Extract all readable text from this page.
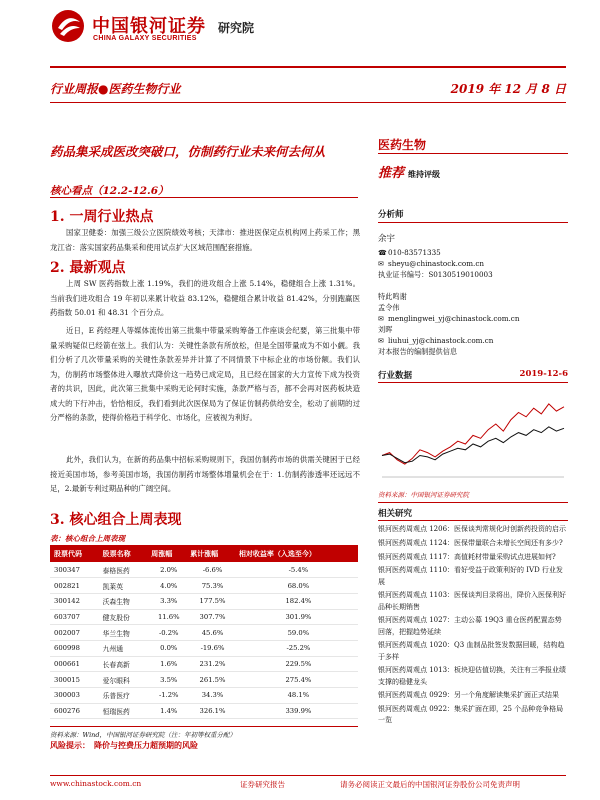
中国银河证券
CHINA GALAXY SECURITIES
研究院
行业周报●医药生物行业	2019 年 12 月 8 日
药品集采成医改突破口，仿制药行业未来何去何从
核心看点（12.2-12.6）
1. 一周行业热点
国家卫健委：加强三级公立医院绩效考核；天津市：推进医保定点机构网上药采工作；黑龙江省：落实国家药品集采和使用试点扩大区域范围配套措施。
2. 最新观点
上周 SW 医药指数上涨 1.19%，我们的进攻组合上涨 5.14%，稳健组合上涨 1.31%。当前我们进攻组合 19 年初以来累计收益 83.12%，稳健组合累计收益 81.42%，分别跑赢医药指数 50.01 和 48.31 个百分点。
近日，E 药经理人等媒体流传出第三批集中带量采购筹备工作座谈会纪要，第三批集中带量采购疑似已经箭在弦上。我们认为：关键性条款有所放松，但是全国带量成为不如小觑。我们分析了几次带量采购的关键性条款差异并计算了不同情景下中标企业的市场份额。我们认为，仿制药市场整体进入曝放式降价这一趋势已成定局，且已经在国家的大力宣传下成为投资者的共识，因此，此次第三批集中采购无论何时实施，条款严格与否，都不会再对医药板块造成大的下行冲击，恰恰相反，我们看到此次医保局为了保证仿制药供给安全，松动了前期的过分严格的条款，使得价格趋于科学化、市场化，应被视为利好。
此外，我们认为，在新的药品集中招标采购规则下，我国仿制药市场的供需关键困于已经接近美国市场，参考美国市场，我国仿制药市场整体增量机会在于：1.仿制药渗透率还远远不足，2.最新专利过期品种的广阔空间。
3. 核心组合上周表现
表：核心组合上周表现
股票代码	股票名称	周涨幅	累计涨幅	相对收益率（入选至今）
300347	泰格医药	2.0%	-6.6%	-5.4%
002821	凯莱英	4.0%	75.3%	68.0%
300142	沃森生物	3.3%	177.5%	182.4%
603707	健友股份	11.6%	307.7%	301.9%
002007	华兰生物	-0.2%	45.6%	59.0%
600998	九州通	0.0%	-19.6%	-25.2%
000661	长春高新	1.6%	231.2%	229.5%
300015	爱尔眼科	3.5%	261.5%	275.4%
300003	乐普医疗	-1.2%	34.3%	48.1%
600276	恒瑞医药	1.4%	326.1%	339.9%
资料来源：Wind，中国银河证券研究院（注：年初等权重分配）
风险提示： 降价与控费压力超预期的风险
医药生物
推荐 维持评级
分析师
余宇
☎010-83571335
✉ sheyu@chinastock.com.cn
执业证书编号：S0130519010003
特此鸣谢
孟令伟
✉ menglingwei_yj@chinastock.com.cn
刘晖
✉ liuhui_yj@chinastock.com.cn
对本报告的编制提供信息
行业数据	2019-12-6
资料来源：中国银河证券研究院
相关研究
银河医药周观点 1206：医保谈判常规化时创新药投资的启示
银河医药周观点 1124：医保带量联合未增长空间还有多少?
银河医药周观点 1117：高值耗材带量采购试点进展如何?
银河医药周观点 1110：看好受益于政策利好的 IVD 行业发展
银河医药周观点 1103：医保谈判目录将出，降价入医保利好品种长期销售
银河医药周观点 1027：主动公募 19Q3 重仓医药配置态势回落，把握趋势延续
银河医药周观点 1020：Q3 血制品批签发数据回暖，结构趋于多样
银河医药周观点 1013：板块迎估值切换，关注有三季报业绩支撑的稳健龙头
银河医药周观点 0929：另一个角度解读集采扩面正式结果
银河医药周观点 0922：集采扩面在即，25 个品种竞争格局一览
www.chinastock.com.cn	证券研究报告	请务必阅读正文最后的中国银河证券股份公司免责声明
